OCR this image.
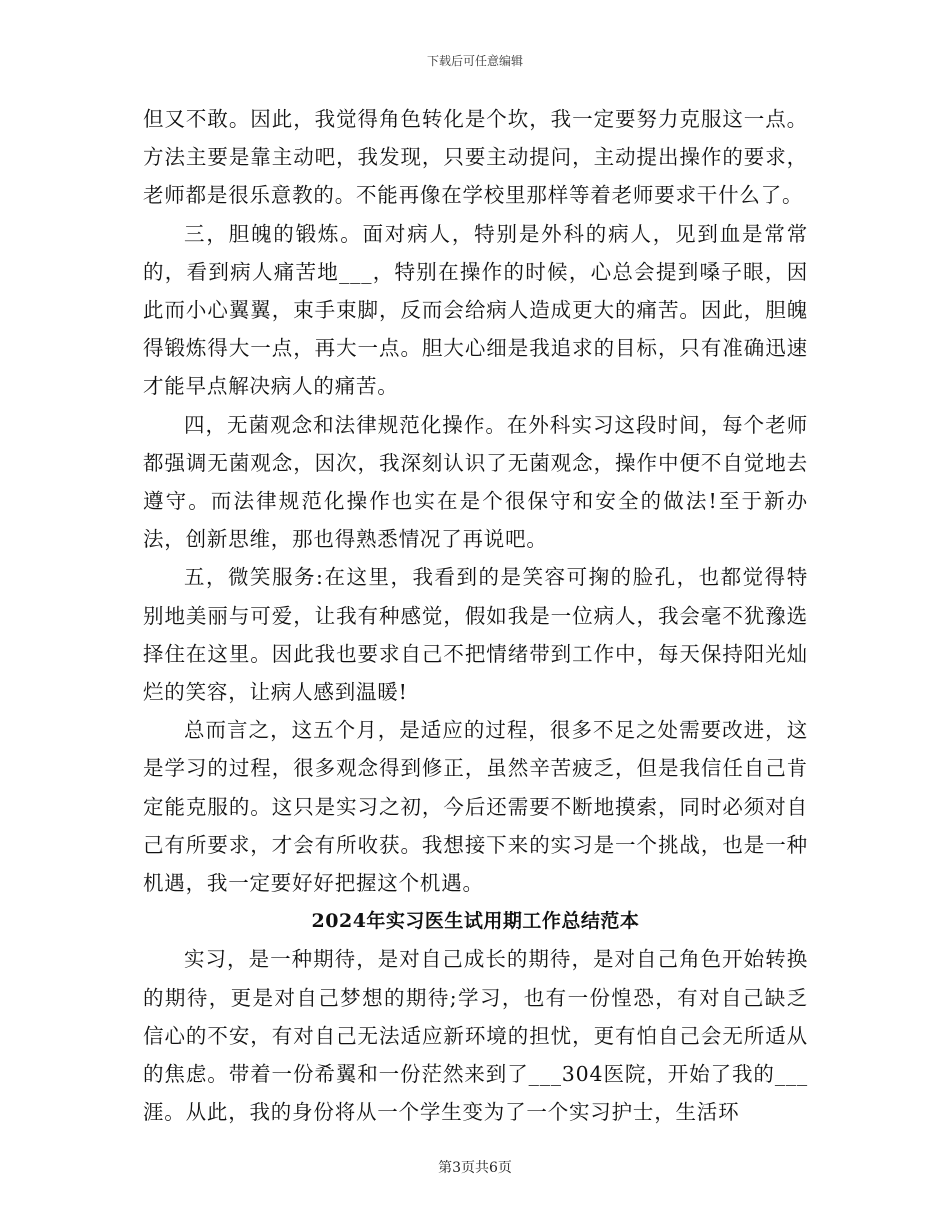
下载后可任意编辑
但又不敢。因此，我觉得角色转化是个坎，我一定要努力克服这一点。方法主要是靠主动吧，我发现，只要主动提问，主动提出操作的要求，老师都是很乐意教的。不能再像在学校里那样等着老师要求干什么了。
三，胆魄的锻炼。面对病人，特别是外科的病人，见到血是常常的，看到病人痛苦地___，特别在操作的时候，心总会提到嗓子眼，因此而小心翼翼，束手束脚，反而会给病人造成更大的痛苦。因此，胆魄得锻炼得大一点，再大一点。胆大心细是我追求的目标，只有准确迅速才能早点解决病人的痛苦。
四，无菌观念和法律规范化操作。在外科实习这段时间，每个老师都强调无菌观念，因次，我深刻认识了无菌观念，操作中便不自觉地去遵守。而法律规范化操作也实在是个很保守和安全的做法!至于新办法，创新思维，那也得熟悉情况了再说吧。
五，微笑服务:在这里，我看到的是笑容可掬的脸孔，也都觉得特别地美丽与可爱，让我有种感觉，假如我是一位病人，我会毫不犹豫选择住在这里。因此我也要求自己不把情绪带到工作中，每天保持阳光灿烂的笑容，让病人感到温暖!
总而言之，这五个月，是适应的过程，很多不足之处需要改进，这是学习的过程，很多观念得到修正，虽然辛苦疲乏，但是我信任自己肯定能克服的。这只是实习之初，今后还需要不断地摸索，同时必须对自己有所要求，才会有所收获。我想接下来的实习是一个挑战，也是一种机遇，我一定要好好把握这个机遇。
2024年实习医生试用期工作总结范本
实习，是一种期待，是对自己成长的期待，是对自己角色开始转换的期待，更是对自己梦想的期待;学习，也有一份惶恐，有对自己缺乏信心的不安，有对自己无法适应新环境的担忧，更有怕自己会无所适从的焦虑。带着一份希翼和一份茫然来到了___304医院，开始了我的___涯。从此，我的身份将从一个学生变为了一个实习护士，生活环
第3页共6页
